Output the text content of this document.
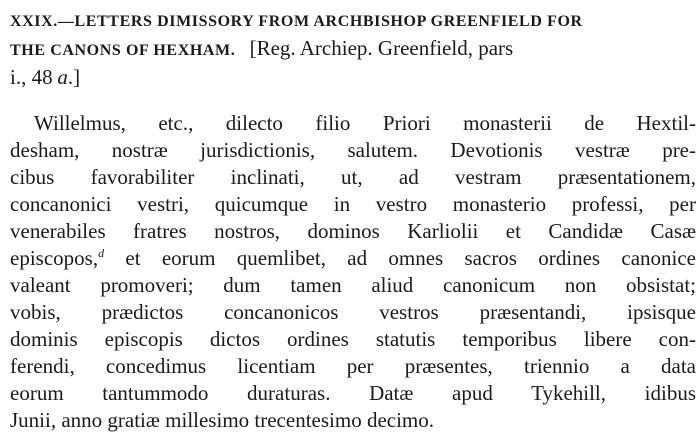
XXIX.—LETTERS DIMISSORY FROM ARCHBISHOP GREENFIELD FOR
THE CANONS OF HEXHAM. [Reg. Archiep. Greenfield, pars
i., 48 a.]
Willelmus, etc., dilecto filio Priori monasterii de Hextil-
desham, nostræ jurisdictionis, salutem. Devotionis vestræ pre-
cibus favorabiliter inclinati, ut, ad vestram præsentationem,
concanonici vestri, quicumque in vestro monasterio professi, per
venerabiles fratres nostros, dominos Karliolii et Candidæ Casæ
episcopos,$^d$ et eorum quemlibet, ad omnes sacros ordines canonice
valeant promoveri; dum tamen aliud canonicum non obsistat;
vobis, prædictos concanonicos vestros præsentandi, ipsisque
dominis episcopis dictos ordines statutis temporibus libere con-
ferendi, concedimus licentiam per præsentes, triennio a data
eorum tantummodo duraturas. Datæ apud Tykehill, idibus
Junii, anno gratiæ millesimo trecentesimo decimo.
